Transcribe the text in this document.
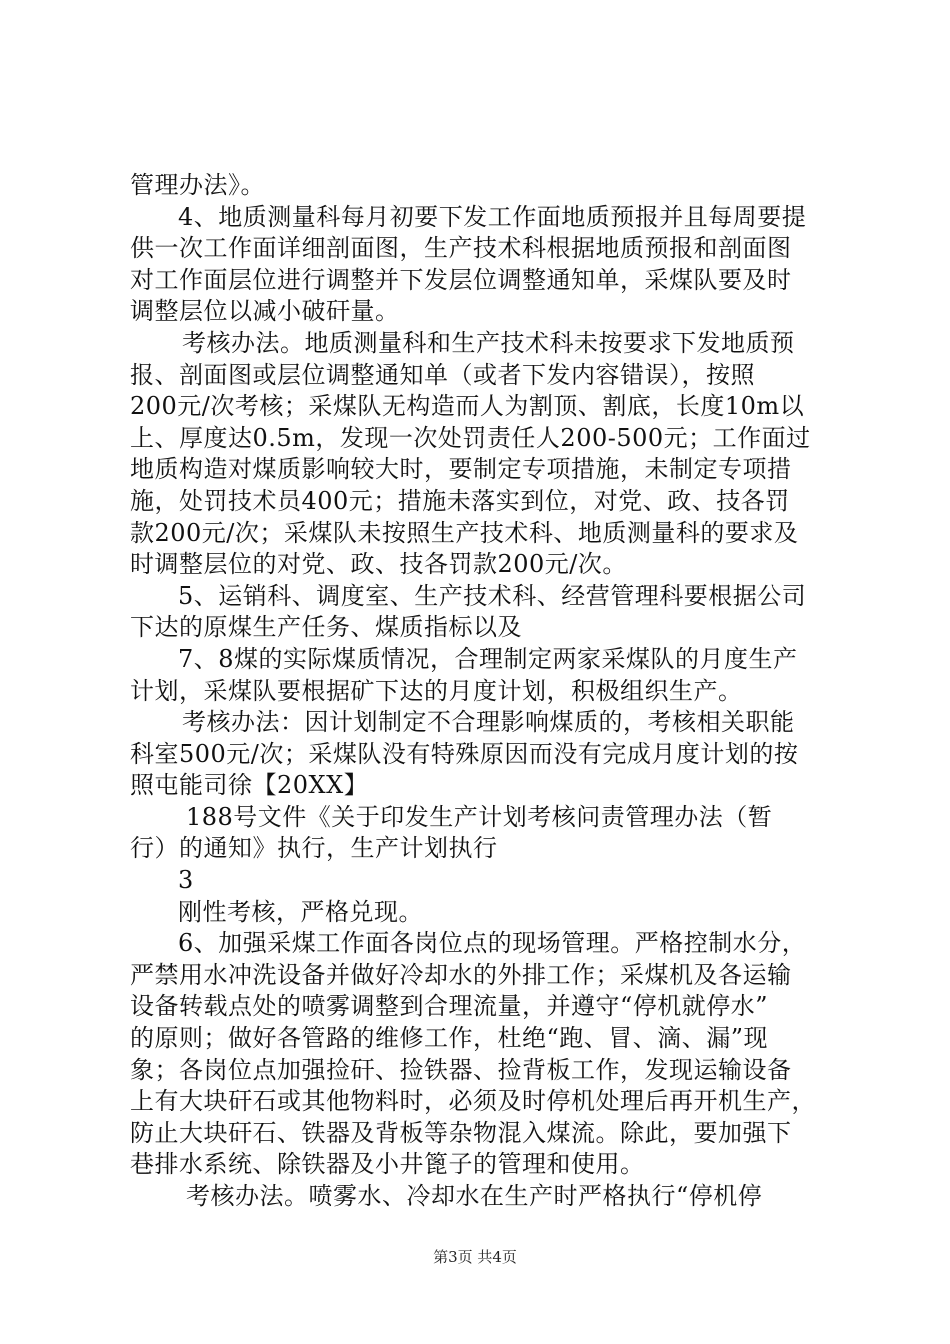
管理办法》。
4、地质测量科每月初要下发工作面地质预报并且每周要提
供一次工作面详细剖面图，生产技术科根据地质预报和剖面图
对工作面层位进行调整并下发层位调整通知单，采煤队要及时
调整层位以减小破矸量。
考核办法。地质测量科和生产技术科未按要求下发地质预
报、剖面图或层位调整通知单（或者下发内容错误），按照
200元/次考核；采煤队无构造而人为割顶、割底，长度10m以
上、厚度达0.5m，发现一次处罚责任人200-500元；工作面过
地质构造对煤质影响较大时，要制定专项措施，未制定专项措
施，处罚技术员400元；措施未落实到位，对党、政、技各罚
款200元/次；采煤队未按照生产技术科、地质测量科的要求及
时调整层位的对党、政、技各罚款200元/次。
5、运销科、调度室、生产技术科、经营管理科要根据公司
下达的原煤生产任务、煤质指标以及
7、8煤的实际煤质情况，合理制定两家采煤队的月度生产
计划，采煤队要根据矿下达的月度计划，积极组织生产。
考核办法：因计划制定不合理影响煤质的，考核相关职能
科室500元/次；采煤队没有特殊原因而没有完成月度计划的按
照屯能司徐【20XX】
188号文件《关于印发生产计划考核问责管理办法（暂
行）的通知》执行，生产计划执行
3
刚性考核，严格兑现。
6、加强采煤工作面各岗位点的现场管理。严格控制水分，
严禁用水冲洗设备并做好冷却水的外排工作；采煤机及各运输
设备转载点处的喷雾调整到合理流量，并遵守“停机就停水”
的原则；做好各管路的维修工作，杜绝“跑、冒、滴、漏”现
象；各岗位点加强捡矸、捡铁器、捡背板工作，发现运输设备
上有大块矸石或其他物料时，必须及时停机处理后再开机生产，
防止大块矸石、铁器及背板等杂物混入煤流。除此，要加强下
巷排水系统、除铁器及小井篦子的管理和使用。
考核办法。喷雾水、冷却水在生产时严格执行“停机停
第3页 共4页
